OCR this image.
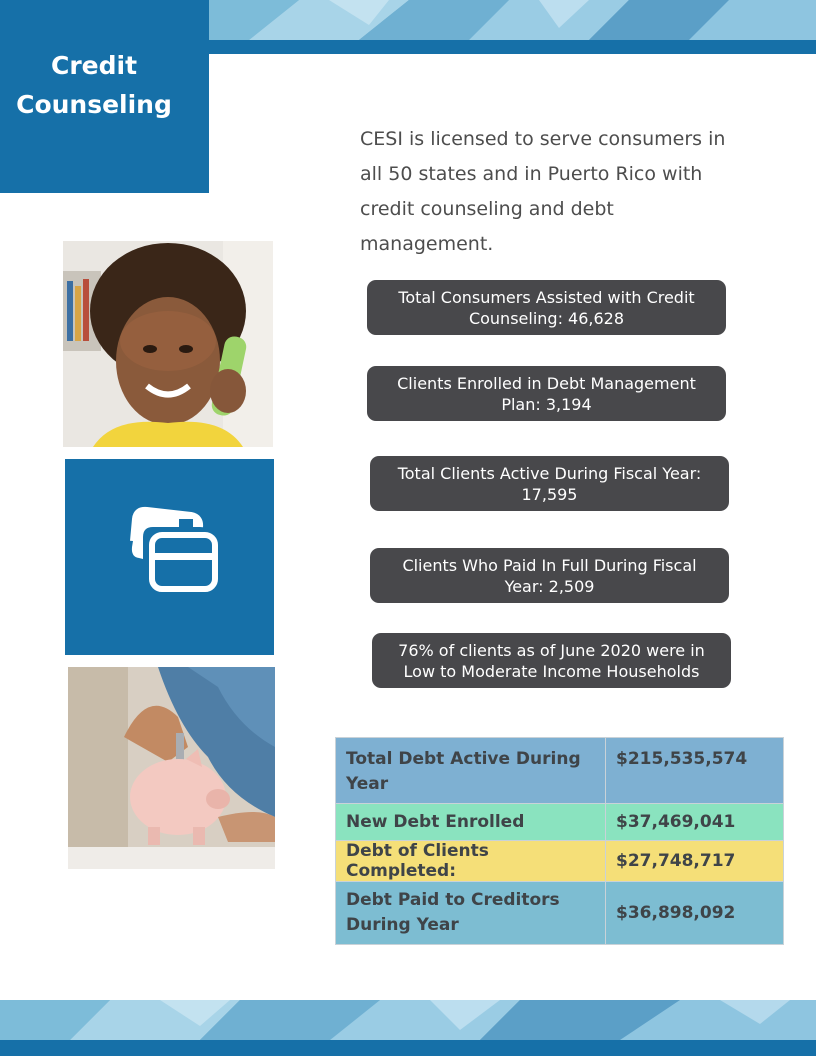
Credit Counseling
CESI is licensed to serve consumers in all 50 states and in Puerto Rico with credit counseling and debt management.
Total Consumers Assisted with Credit Counseling: 46,628
Clients Enrolled in Debt Management Plan: 3,194
Total Clients Active During Fiscal Year: 17,595
Clients Who Paid In Full During Fiscal Year: 2,509
76% of clients as of June 2020 were in Low to Moderate Income Households
Total Debt Active During Year	$215,535,574
New Debt Enrolled	$37,469,041
Debt of Clients Completed:	$27,748,717
Debt Paid to Creditors During Year	$36,898,092
